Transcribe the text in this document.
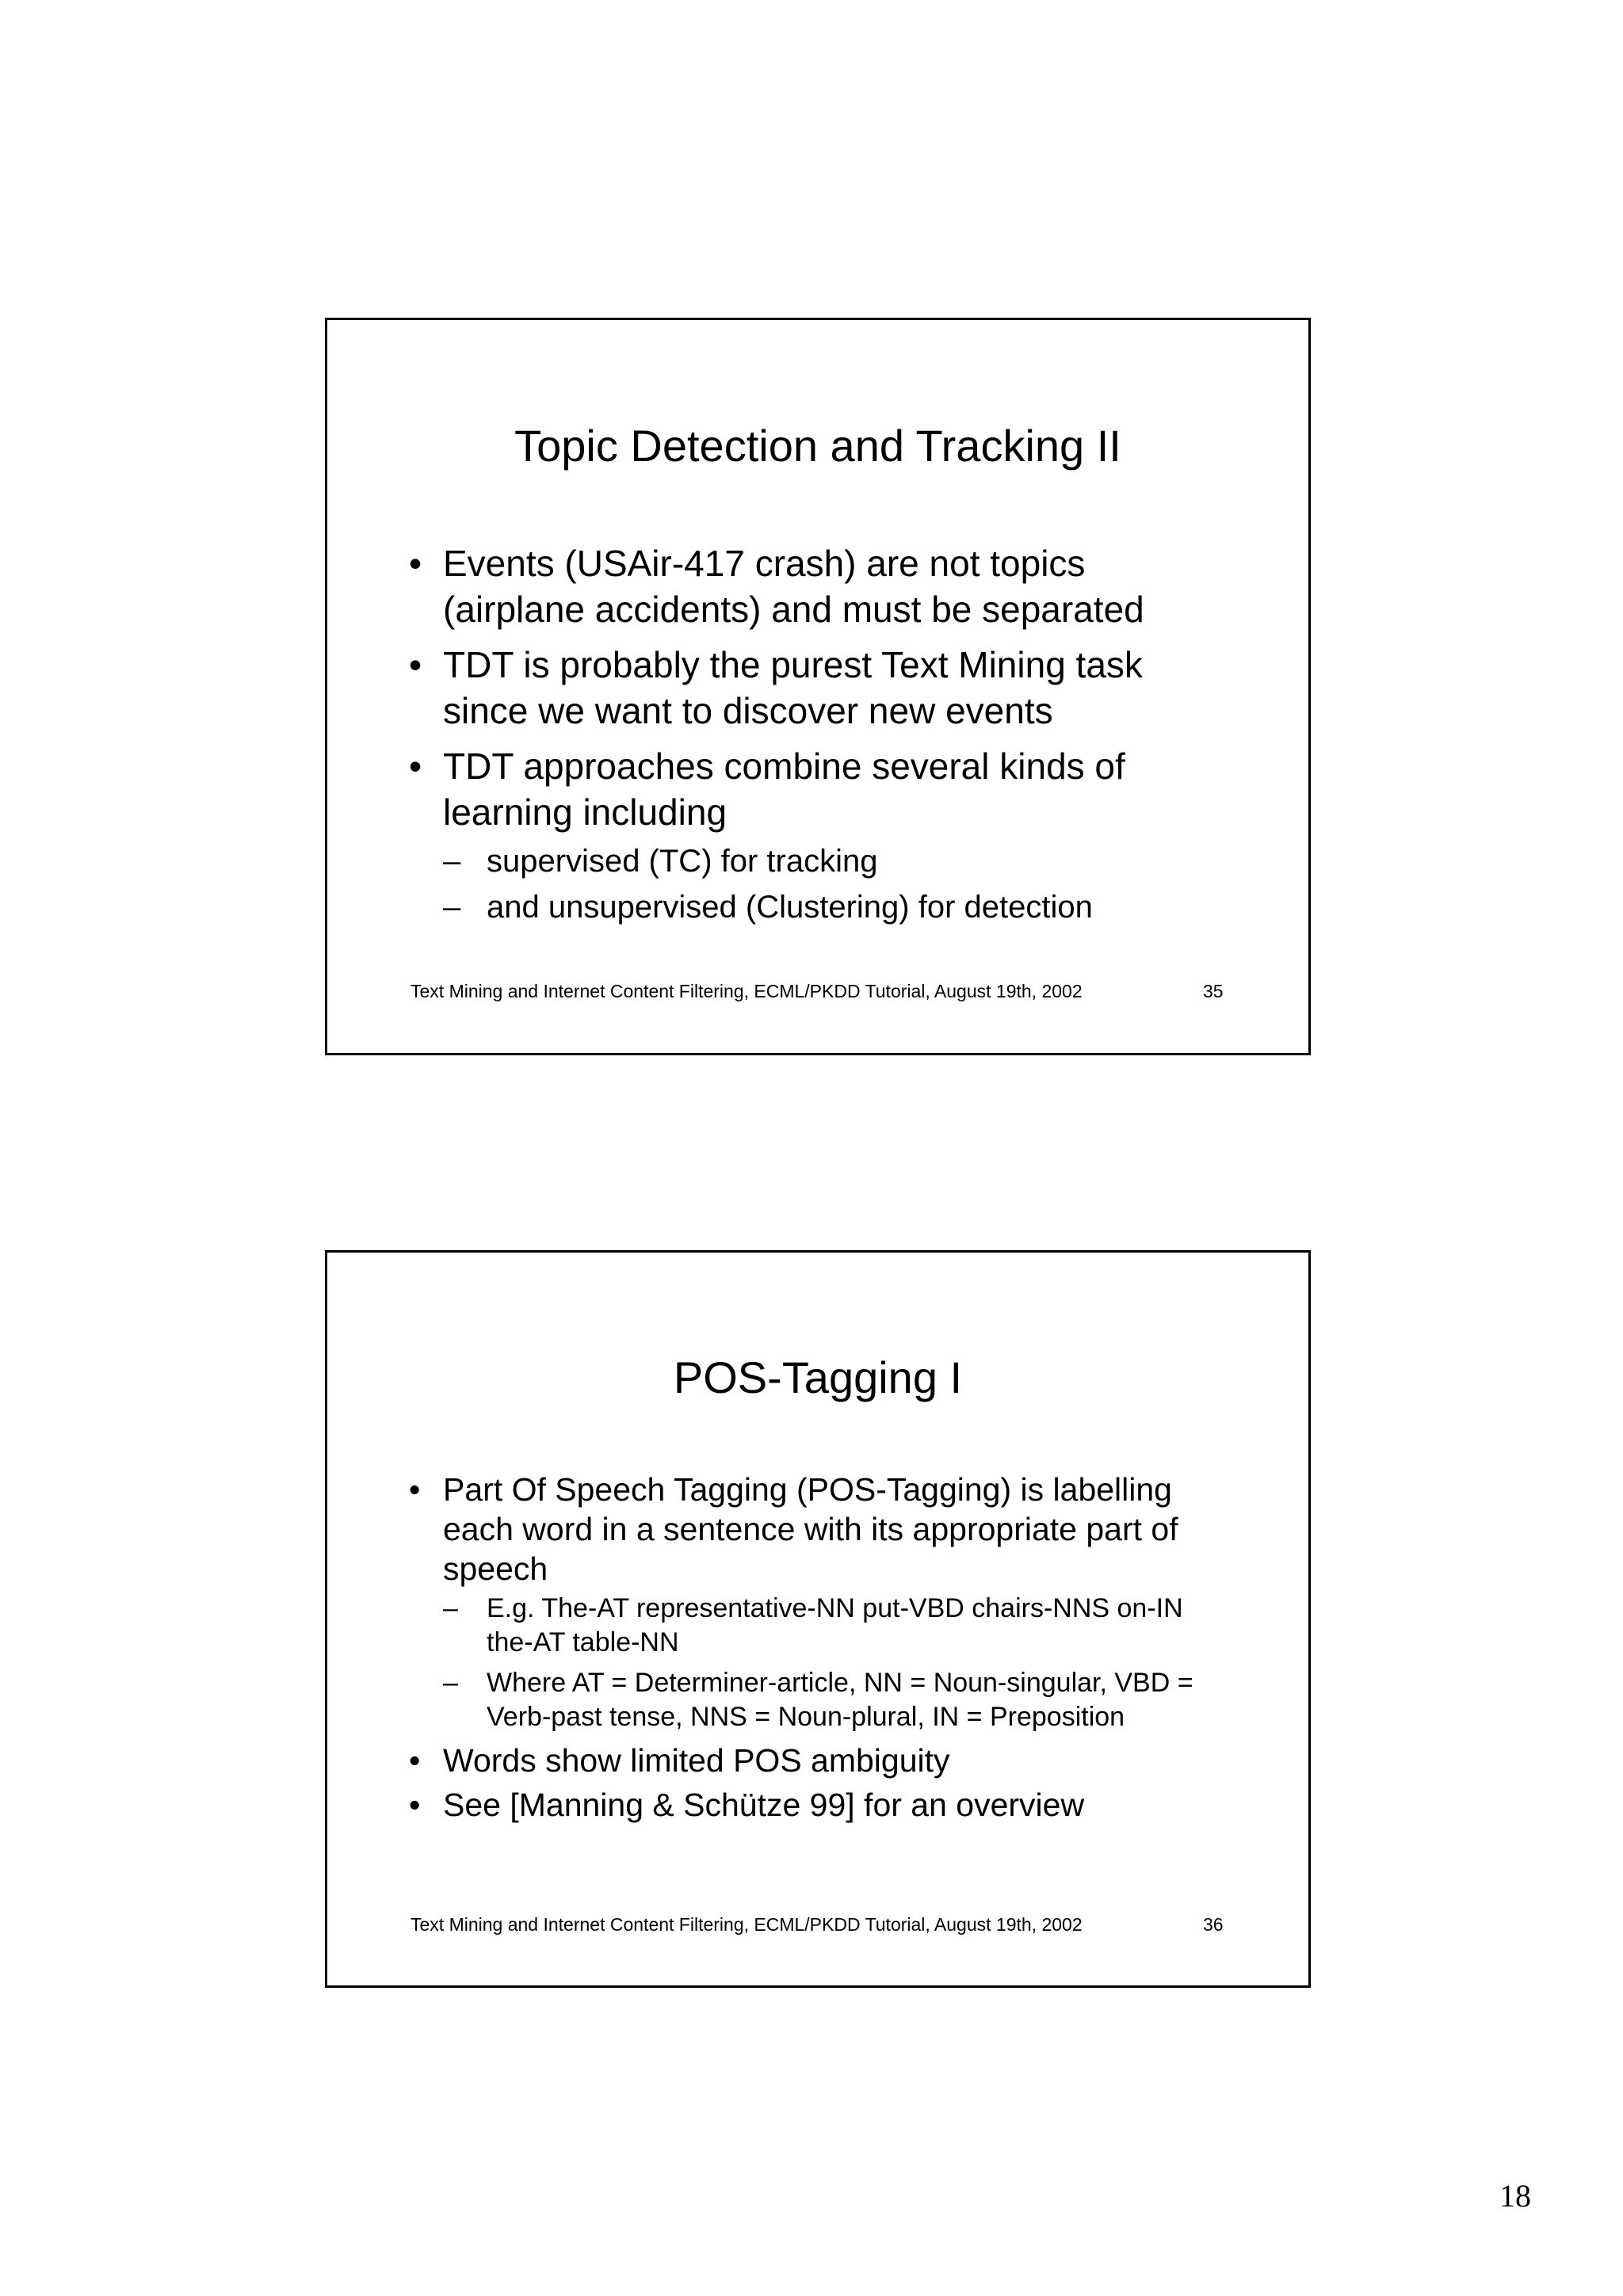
Topic Detection and Tracking II
• Events (USAir-417 crash) are not topics
(airplane accidents) and must be separated
• TDT is probably the purest Text Mining task
since we want to discover new events
• TDT approaches combine several kinds of
learning including
– supervised (TC) for tracking
– and unsupervised (Clustering) for detection
Text Mining and Internet Content Filtering, ECML/PKDD Tutorial, August 19th, 2002	35
POS-Tagging I
• Part Of Speech Tagging (POS-Tagging) is labelling
each word in a sentence with its appropriate part of
speech
–	E.g. The-AT representative-NN put-VBD chairs-NNS on-IN
the-AT table-NN
–	Where AT = Determiner-article, NN = Noun-singular, VBD =
Verb-past tense, NNS = Noun-plural, IN = Preposition
• Words show limited POS ambiguity
• See [Manning & Schütze 99] for an overview
Text Mining and Internet Content Filtering, ECML/PKDD Tutorial, August 19th, 2002	36
18
